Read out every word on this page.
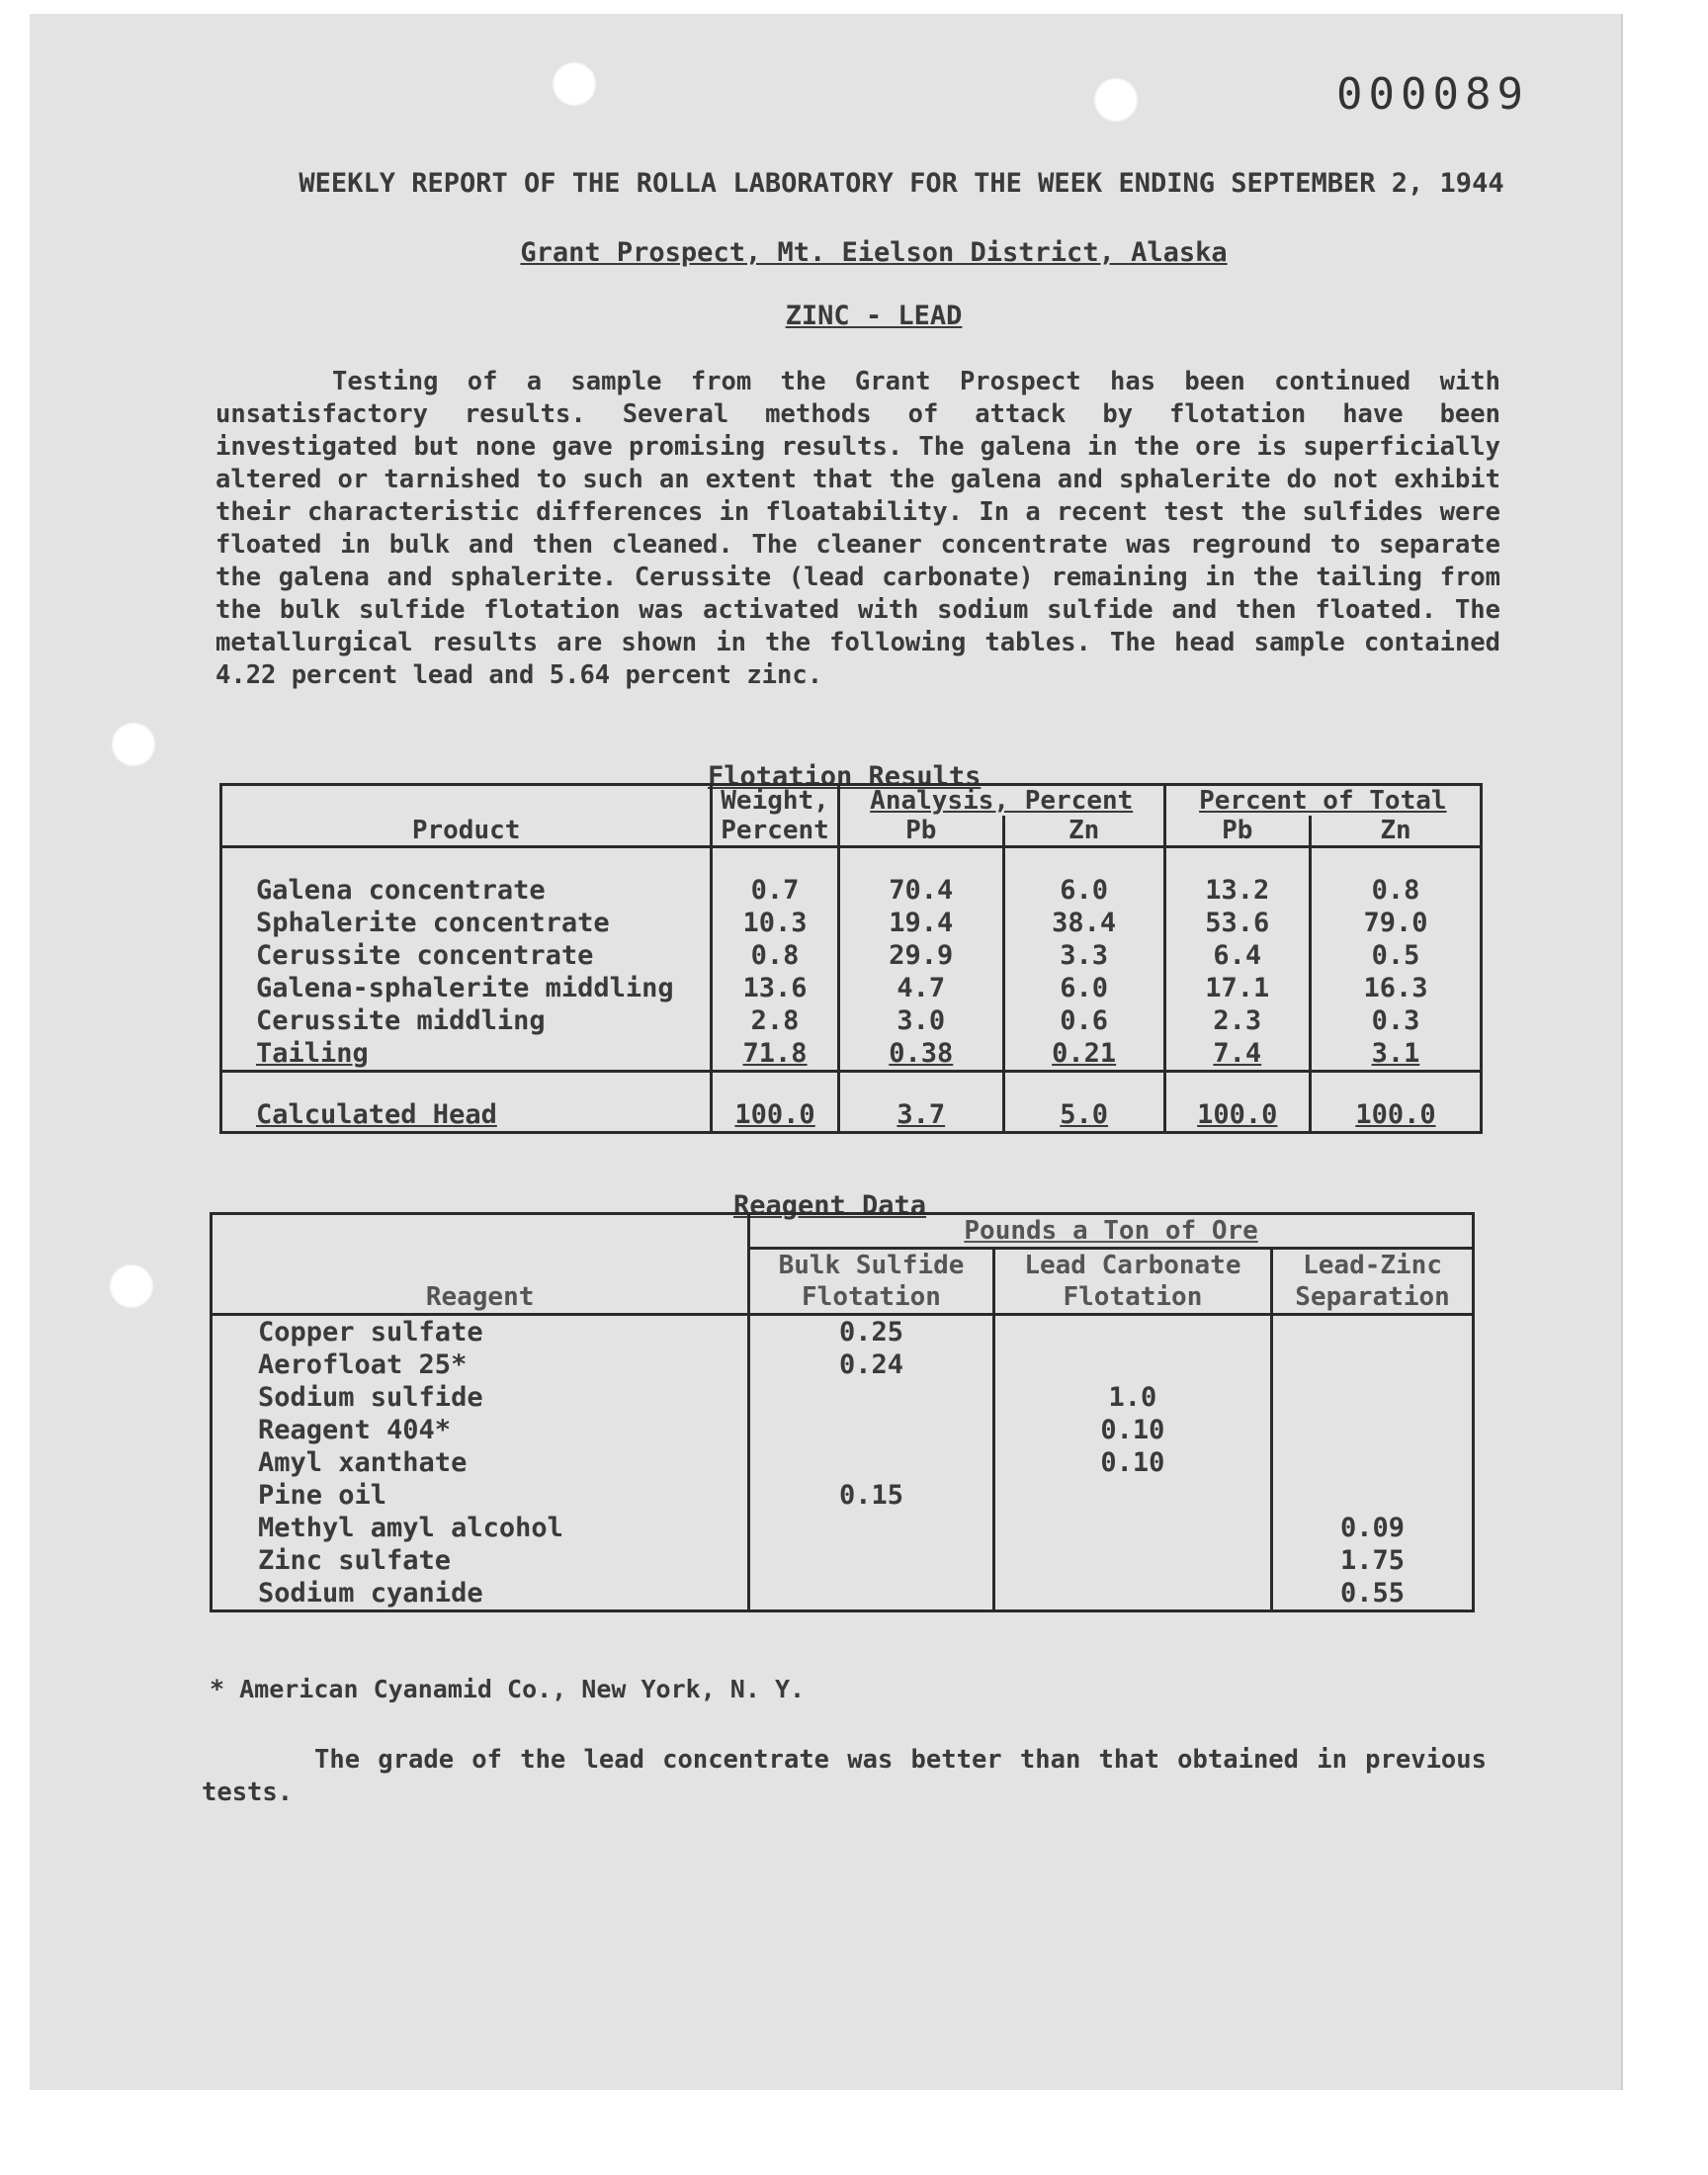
000089
WEEKLY REPORT OF THE ROLLA LABORATORY FOR THE WEEK ENDING SEPTEMBER 2, 1944
Grant Prospect, Mt. Eielson District, Alaska
ZINC - LEAD

Testing of a sample from the Grant Prospect has been continued with unsatisfactory results. Several methods of attack by flotation have been investigated but none gave promising results. The galena in the ore is superficially altered or tarnished to such an extent that the galena and sphalerite do not exhibit their characteristic differences in floatability. In a recent test the sulfides were floated in bulk and then cleaned. The cleaner concentrate was reground to separate the galena and sphalerite. Cerussite (lead carbonate) remaining in the tailing from the bulk sulfide flotation was activated with sodium sulfide and then floated. The metallurgical results are shown in the following tables. The head sample contained 4.22 percent lead and 5.64 percent zinc.

Flotation Results
Product	Weight,	Analysis, Percent		Percent of Total	
	Percent	Pb	Zn	Pb	Zn

Galena concentrate	0.7	70.4	6.0	13.2	0.8
Sphalerite concentrate	10.3	19.4	38.4	53.6	79.0
Cerussite concentrate	0.8	29.9	3.3	6.4	0.5
Galena-sphalerite middling	13.6	4.7	6.0	17.1	16.3
Cerussite middling	2.8	3.0	0.6	2.3	0.3
Tailing	71.8	0.38	0.21	7.4	3.1

Calculated Head	100.0	3.7	5.0	100.0	100.0
Reagent Data
Reagent	Pounds a Ton of Ore		
	Bulk Sulfide	Lead Carbonate	Lead-Zinc
	Flotation	Flotation	Separation

Copper sulfate	0.25		
Aerofloat 25*	0.24		
Sodium sulfide		1.0	
Reagent 404*		0.10	
Amyl xanthate		0.10	
Pine oil	0.15		
Methyl amyl alcohol			0.09
Zinc sulfate			1.75
Sodium cyanide			0.55

* American Cyanamid Co., New York, N. Y.

The grade of the lead concentrate was better than that obtained in previous tests.
